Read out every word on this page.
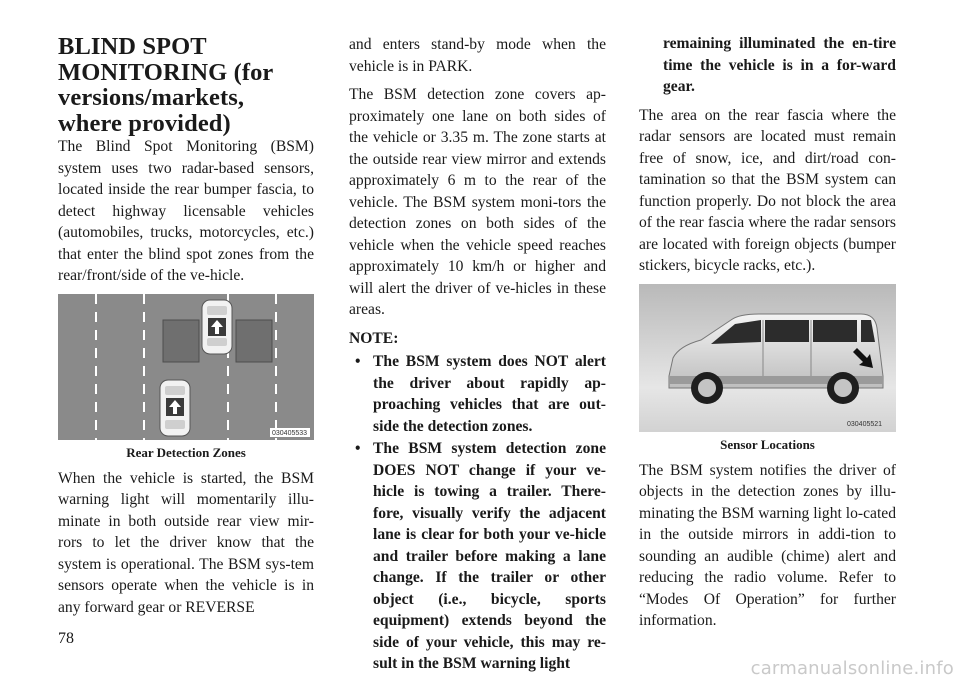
BLIND SPOT MONITORING (for versions/markets, where provided)

The Blind Spot Monitoring (BSM) system uses two radar-based sensors, located inside the rear bumper fascia, to detect highway licensable vehicles (automobiles, trucks, motorcycles, etc.) that enter the blind spot zones from the rear/front/side of the ve-hicle.

030405533
Rear Detection Zones

When the vehicle is started, the BSM warning light will momentarily illu-minate in both outside rear view mir-rors to let the driver know that the system is operational. The BSM sys-tem sensors operate when the vehicle is in any forward gear or REVERSE

and enters stand-by mode when the vehicle is in PARK.

The BSM detection zone covers ap-proximately one lane on both sides of the vehicle or 3.35 m. The zone starts at the outside rear view mirror and extends approximately 6 m to the rear of the vehicle. The BSM system moni-tors the detection zones on both sides of the vehicle when the vehicle speed reaches approximately 10 km/h or higher and will alert the driver of ve-hicles in these areas.

NOTE:
• The BSM system does NOT alert the driver about rapidly ap-proaching vehicles that are out-side the detection zones.
• The BSM system detection zone DOES NOT change if your ve-hicle is towing a trailer. There-fore, visually verify the adjacent lane is clear for both your ve-hicle and trailer before making a lane change. If the trailer or other object (i.e., bicycle, sports equipment) extends beyond the side of your vehicle, this may re-sult in the BSM warning light
remaining illuminated the en-tire time the vehicle is in a for-ward gear.

The area on the rear fascia where the radar sensors are located must remain free of snow, ice, and dirt/road con-tamination so that the BSM system can function properly. Do not block the area of the rear fascia where the radar sensors are located with foreign objects (bumper stickers, bicycle racks, etc.).

030405521
Sensor Locations

The BSM system notifies the driver of objects in the detection zones by illu-minating the BSM warning light lo-cated in the outside mirrors in addi-tion to sounding an audible (chime) alert and reducing the radio volume. Refer to “Modes Of Operation” for further information.

78
carmanualsonline.info
